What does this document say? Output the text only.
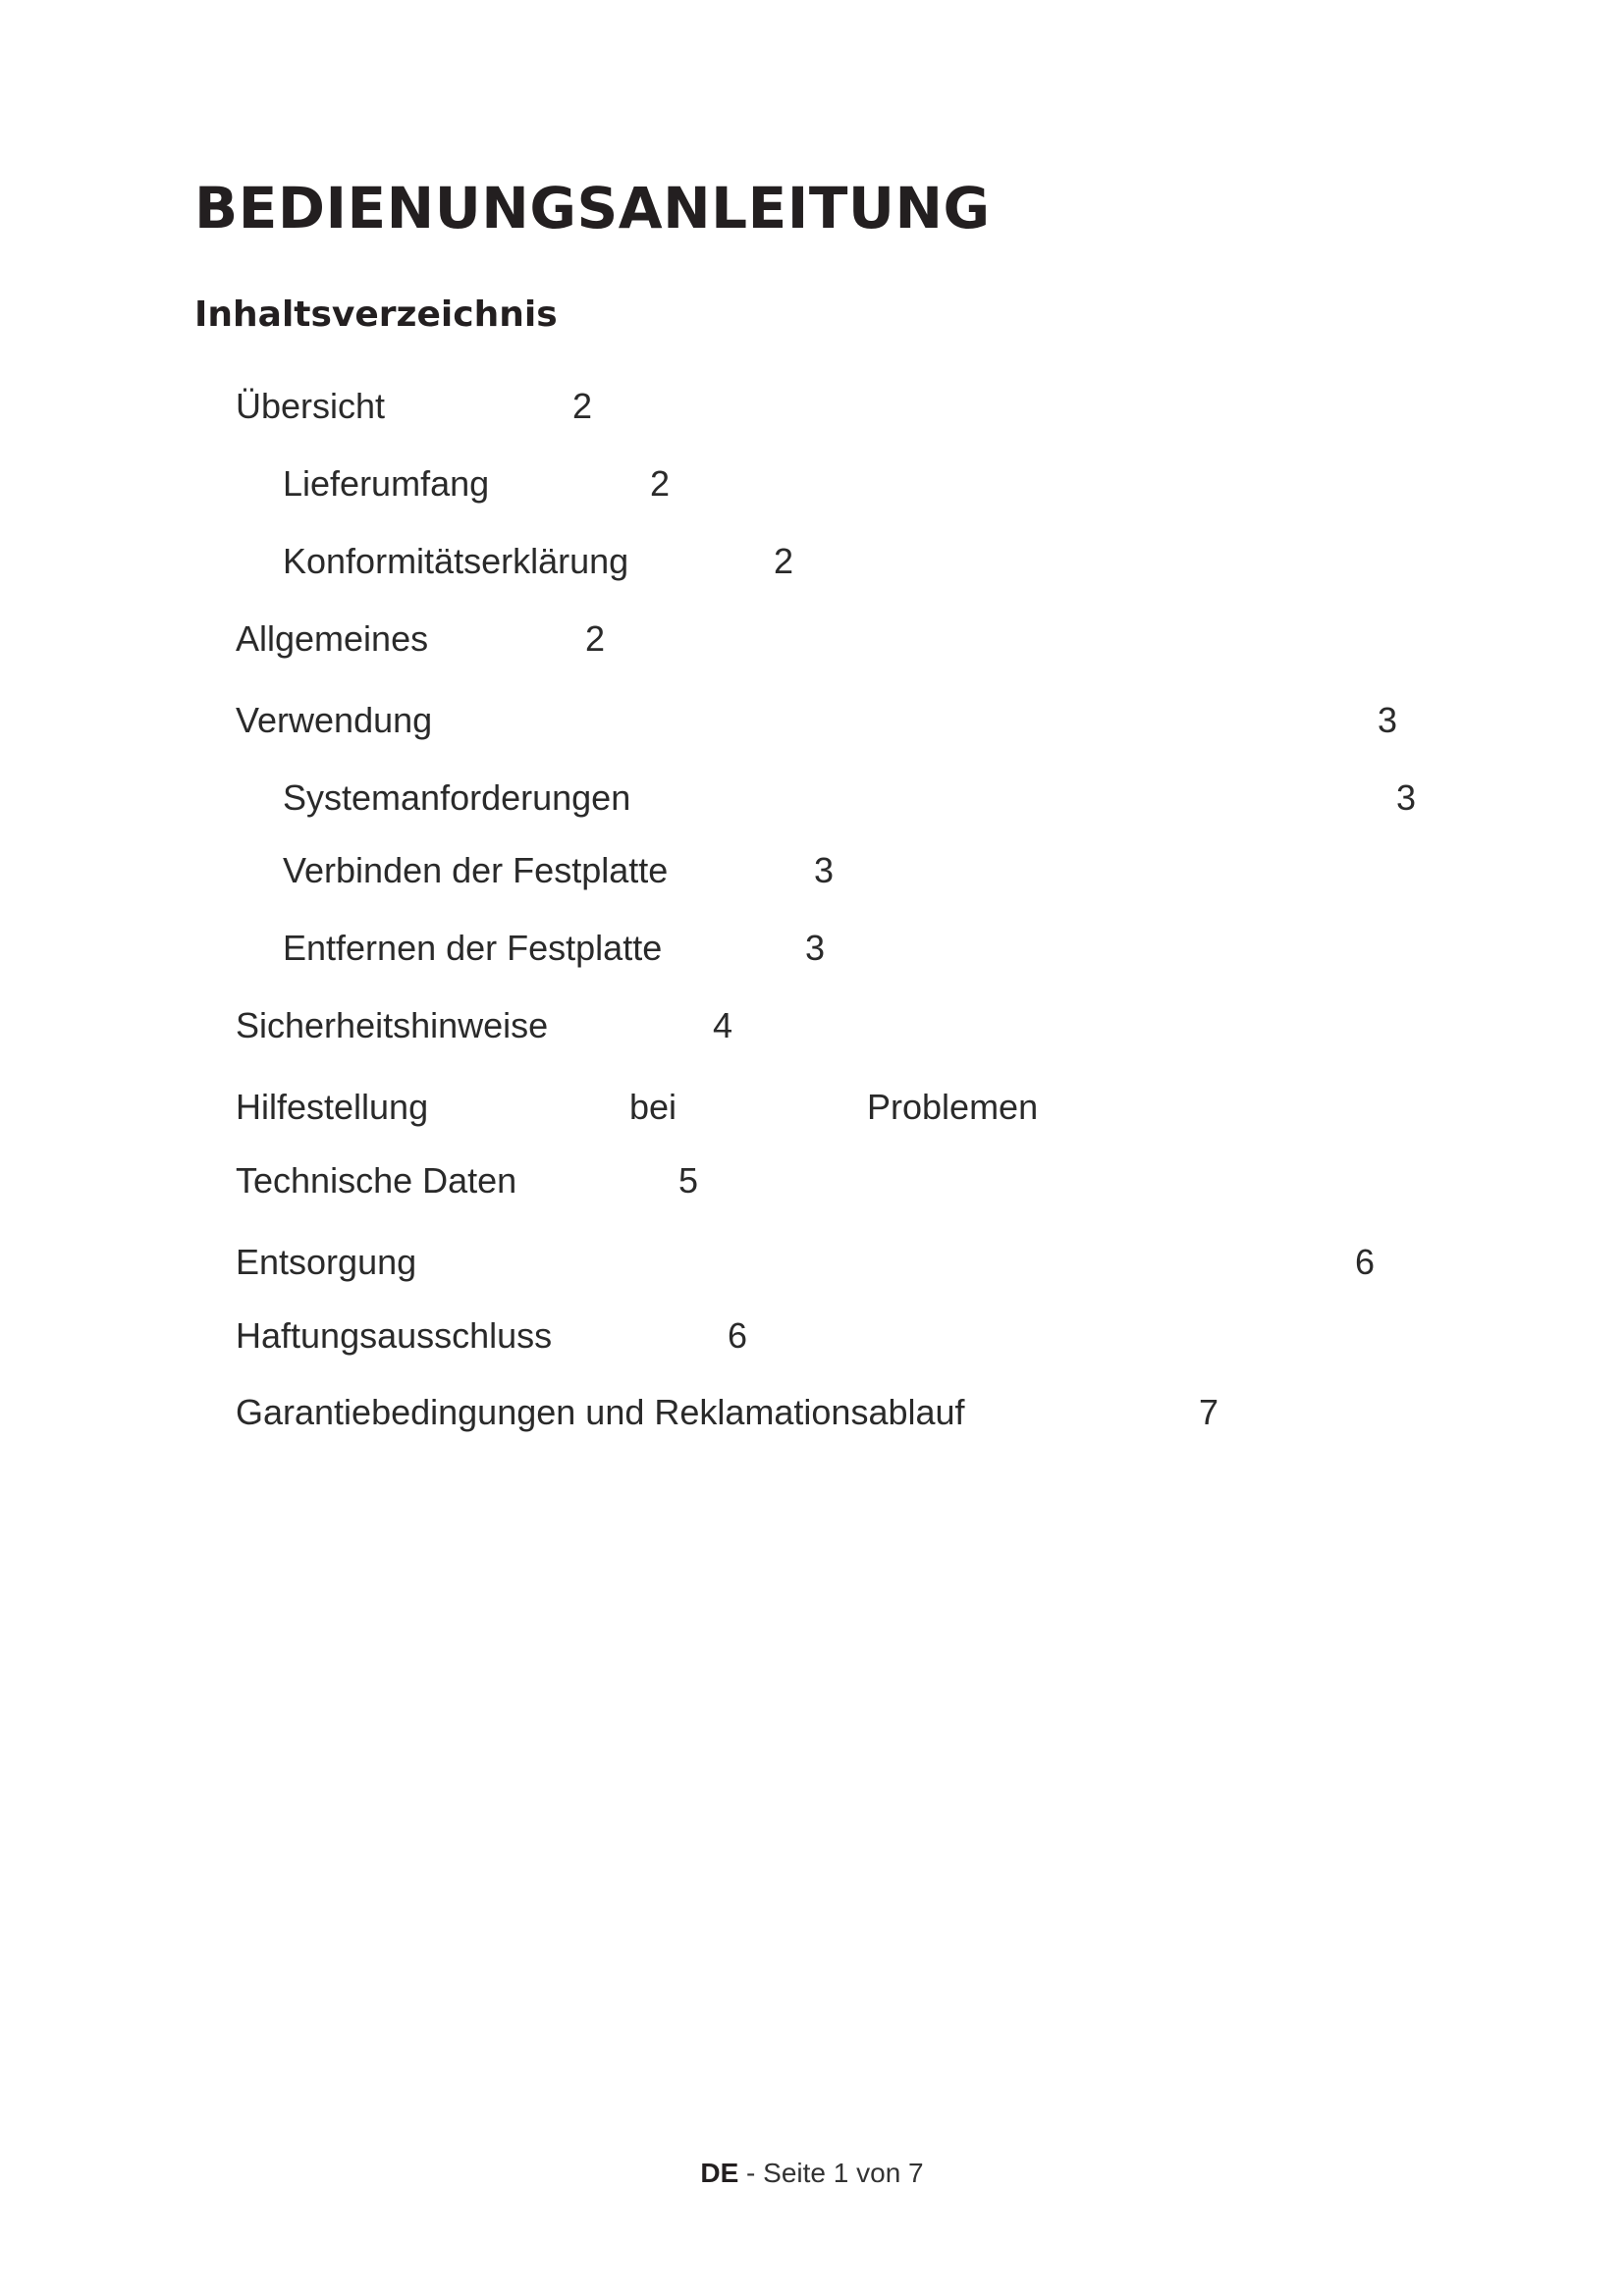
BEDIENUNGSANLEITUNG
Inhaltsverzeichnis
Übersicht	2
Lieferumfang	2
Konformitätserklärung	2
Allgemeines	2
Verwendung	3
Systemanforderungen	3
Verbinden der Festplatte	3
Entfernen der Festplatte	3
Sicherheitshinweise	4
Hilfestellung	bei	Problemen
Technische Daten	5
Entsorgung	6
Haftungsausschluss	6
Garantiebedingungen und Reklamationsablauf	7
DE - Seite 1 von 7
